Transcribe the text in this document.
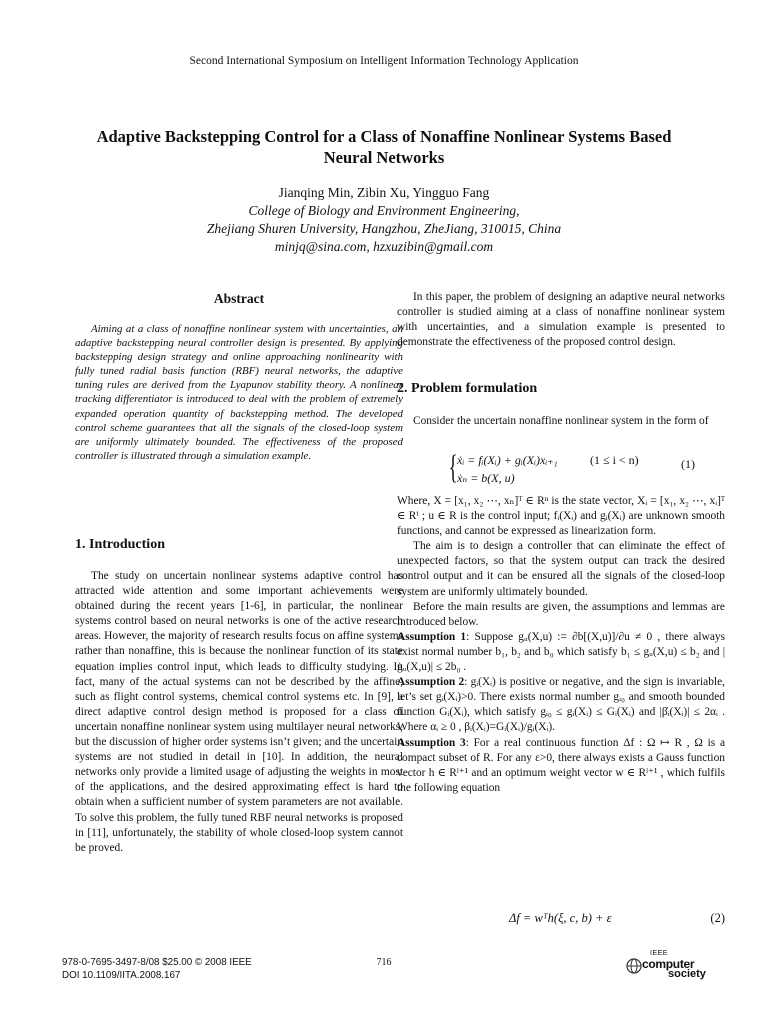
Second International Symposium on Intelligent Information Technology Application
Adaptive Backstepping Control for a Class of Nonaffine Nonlinear Systems Based
Neural Networks
Jianqing Min, Zibin Xu, Yingguo Fang
College of Biology and Environment Engineering,
Zhejiang Shuren University, Hangzhou, ZheJiang, 310015, China
minjq@sina.com, hzxuzibin@gmail.com
Abstract

Aiming at a class of nonaffine nonlinear system with uncertainties, an adaptive backstepping neural controller design is presented. By applying backstepping design strategy and online approaching nonlinearity with fully tuned radial basis function (RBF) neural networks, the adaptive tuning rules are derived from the Lyapunov stability theory. A nonlinear tracking differentiator is introduced to deal with the problem of extremely expanded operation quantity of backstepping method. The developed control scheme guarantees that all the signals of the closed-loop system are uniformly ultimately bounded. The effectiveness of the proposed controller is illustrated through a simulation example.

1. Introduction

The study on uncertain nonlinear systems adaptive control has attracted wide attention and some important achievements were obtained during the recent years [1-6], in particular, the nonlinear systems control based on neural networks is one of the active research areas. However, the majority of research results focus on affine systems rather than nonaffine, this is because the nonlinear function of its state equation implies control input, which leads to difficulty studying. In fact, many of the actual systems can not be described by the affine, such as flight control systems, chemical control systems etc. In [9], a direct adaptive control design method is proposed for a class of uncertain nonaffine nonlinear system using multilayer neural networks, but the discussion of higher order systems isn’t given; and the uncertain systems are not studied in detail in [10]. In addition, the neural networks only provide a limited usage of adjusting the weights in most of the applications, and the desired approximating effect is hard to obtain when a sufficient number of system parameters are not available. To solve this problem, the fully tuned RBF neural networks is proposed in [11], unfortunately, the stability of whole closed-loop system cannot be proved.

In this paper, the problem of designing an adaptive neural networks controller is studied aiming at a class of nonaffine nonlinear system with uncertainties, and a simulation example is presented to demonstrate the effectiveness of the proposed control design.

2. Problem formulation

Consider the uncertain nonaffine nonlinear system in the form of

{ ẋᵢ = fᵢ(Xᵢ) + gᵢ(Xᵢ)xᵢ₊₁
ẋₙ = b(X, u)
(1 ≤ i < n)	(1)

Where, X = [x₁, x₂ ⋯, xₙ]ᵀ ∈ Rⁿ is the state vector, Xᵢ = [x₁, x₂ ⋯, xᵢ]ᵀ ∈ Rⁱ ; u ∈ R is the control input; fᵢ(Xᵢ) and gᵢ(Xᵢ) are unknown smooth functions, and cannot be expressed as linearization form.

The aim is to design a controller that can eliminate the effect of unexpected factors, so that the system output can track the desired control output and it can be ensured all the signals of the closed-loop system are uniformly ultimately bounded.

Before the main results are given, the assumptions and lemmas are introduced below.

Assumption 1: Suppose gᵤ(X,u) := ∂b[(X,u)]/∂u ≠ 0 , there always exist normal number b₁, b₂ and b₀ which satisfy b₁ ≤ gᵤ(X,u) ≤ b₂ and |ġᵤ(X,u)| ≤ 2b₀ .

Assumption 2: gᵢ(Xᵢ) is positive or negative, and the sign is invariable, let’s set gᵢ(Xᵢ)>0. There exists normal number gᵢ₀ and smooth bounded function Gᵢ(Xᵢ), which satisfy gᵢ₀ ≤ gᵢ(Xᵢ) ≤ Gᵢ(Xᵢ) and |β̇ᵢ(Xᵢ)| ≤ 2αᵢ . Where αᵢ ≥ 0 , βᵢ(Xᵢ)=Gᵢ(Xᵢ)/gᵢ(Xᵢ).

Assumption 3: For a real continuous function Δf : Ω ↦ R , Ω is a compact subset of R. For any ε>0, there always exists a Gauss function vector h ∈ Rˡ⁺¹ and an optimum weight vector w ∈ Rˡ⁺¹ , which fulfils the following equation

Δf = wᵀh(ξ, c, b) + ε	(2)
978-0-7695-3497-8/08 $25.00 © 2008 IEEE
DOI 10.1109/IITA.2008.167
716
IEEE
computer
society
